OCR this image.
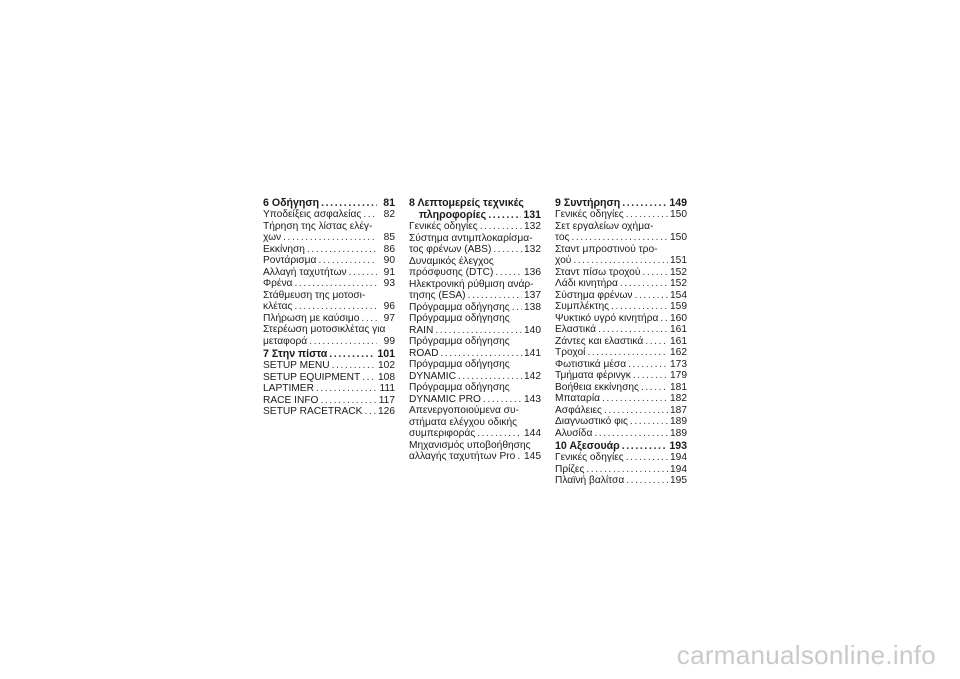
6 Οδήγηση .....	81
Υποδείξεις ασφαλείας .....	82
Τήρηση της λίστας ελέγ-
χων .....	85
Εκκίνηση .....	86
Ροντάρισμα .....	90
Αλλαγή ταχυτήτων .....	91
Φρένα .....	93
Στάθμευση της μοτοσι-
κλέτας .....	96
Πλήρωση με καύσιμο .....	97
Στερέωση μοτοσικλέτας για
μεταφορά .....	99
7 Στην πίστα .....	101
SETUP MENU .....	102
SETUP EQUIPMENT ..... 108
LAPTIMER .....	111
RACE INFO .....	117
SETUP RACETRACK ..... 126
8 Λεπτομερείς τεχνικές
πληροφορίες .....	131
Γενικές οδηγίες .....	132
Σύστημα αντιμπλοκαρίσμα-
τος φρένων (ABS) .....	132
Δυναμικός έλεγχος
πρόσφυσης (DTC) .....	136
Ηλεκτρονική ρύθμιση ανάρ-
τησης (ESA) .....	137
Πρόγραμμα οδήγησης ..... 138
Πρόγραμμα οδήγησης
RAIN .....	140
Πρόγραμμα οδήγησης
ROAD .....	141
Πρόγραμμα οδήγησης
DYNAMIC .....	142
Πρόγραμμα οδήγησης
DYNAMIC PRO .....	143
Απενεργοποιούμενα συ-
στήματα ελέγχου οδικής
συμπεριφοράς .....	144
Μηχανισμός υποβοήθησης
αλλαγής ταχυτήτων Pro ..... 145
9 Συντήρηση .....	149
Γενικές οδηγίες .....	150
Σετ εργαλείων οχήμα-
τος .....	150
Σταντ μπροστινού τρο-
χού .....	151
Σταντ πίσω τροχού .....	152
Λάδι κινητήρα .....	152
Σύστημα φρένων .....	154
Συμπλέκτης .....	159
Ψυκτικό υγρό κινητήρα ..... 160
Ελαστικά .....	161
Ζάντες και ελαστικά .....	161
Τροχοί .....	162
Φωτιστικά μέσα .....	173
Τμήματα φέρινγκ .....	179
Βοήθεια εκκίνησης .....	181
Μπαταρία .....	182
Ασφάλειες .....	187
Διαγνωστικό φις .....	189
Αλυσίδα .....	189
10 Αξεσουάρ .....	193
Γενικές οδηγίες .....	194
Πρίζες .....	194
Πλαϊνή βαλίτσα .....	195
carmanualsonline.info
